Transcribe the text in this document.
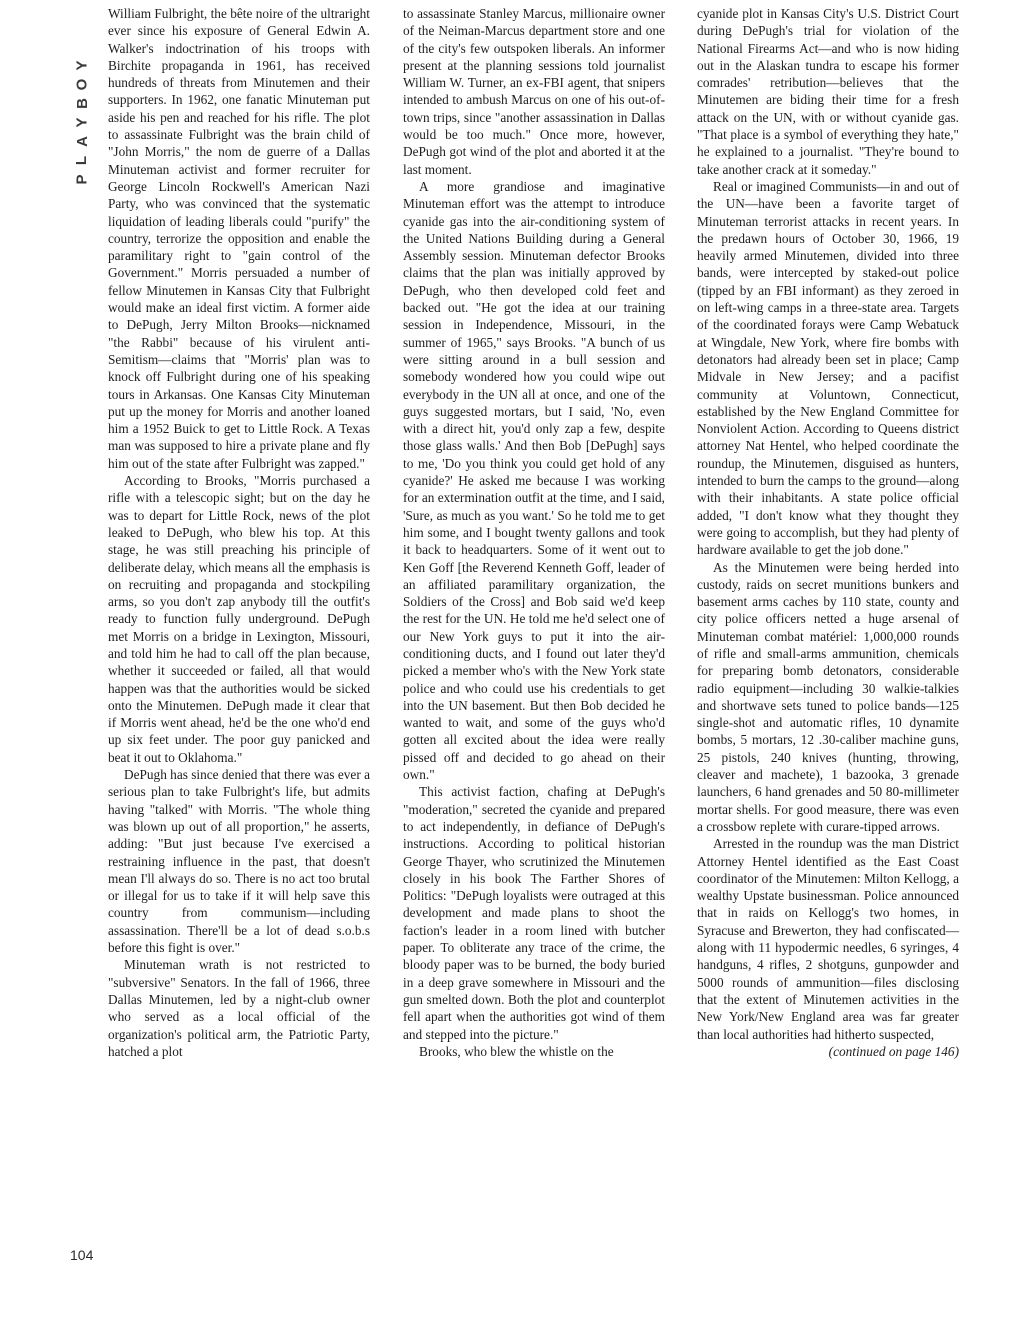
Y
O
B
Y
A
L
P
104

William Fulbright, the bête noire of the ultraright ever since his exposure of General Edwin A. Walker's indoctrination of his troops with Birchite propaganda in 1961, has received hundreds of threats from Minutemen and their supporters. In 1962, one fanatic Minuteman put aside his pen and reached for his rifle. The plot to assassinate Fulbright was the brain child of "John Morris," the nom de guerre of a Dallas Minuteman activist and former recruiter for George Lincoln Rockwell's American Nazi Party, who was convinced that the systematic liquidation of leading liberals could "purify" the country, terrorize the opposition and enable the paramilitary right to "gain control of the Government." Morris persuaded a number of fellow Minutemen in Kansas City that Fulbright would make an ideal first victim. A former aide to DePugh, Jerry Milton Brooks—nicknamed "the Rabbi" because of his virulent anti-Semitism—claims that "Morris' plan was to knock off Fulbright during one of his speaking tours in Arkansas. One Kansas City Minuteman put up the money for Morris and another loaned him a 1952 Buick to get to Little Rock. A Texas man was supposed to hire a private plane and fly him out of the state after Fulbright was zapped."

According to Brooks, "Morris purchased a rifle with a telescopic sight; but on the day he was to depart for Little Rock, news of the plot leaked to DePugh, who blew his top. At this stage, he was still preaching his principle of deliberate delay, which means all the emphasis is on recruiting and propaganda and stockpiling arms, so you don't zap anybody till the outfit's ready to function fully underground. DePugh met Morris on a bridge in Lexington, Missouri, and told him he had to call off the plan because, whether it succeeded or failed, all that would happen was that the authorities would be sicked onto the Minutemen. DePugh made it clear that if Morris went ahead, he'd be the one who'd end up six feet under. The poor guy panicked and beat it out to Oklahoma."

DePugh has since denied that there was ever a serious plan to take Fulbright's life, but admits having "talked" with Morris. "The whole thing was blown up out of all proportion," he asserts, adding: "But just because I've exercised a restraining influence in the past, that doesn't mean I'll always do so. There is no act too brutal or illegal for us to take if it will help save this country from communism—including assassination. There'll be a lot of dead s.o.b.s before this fight is over."

Minuteman wrath is not restricted to "subversive" Senators. In the fall of 1966, three Dallas Minutemen, led by a night-club owner who served as a local official of the organization's political arm, the Patriotic Party, hatched a plot

to assassinate Stanley Marcus, millionaire owner of the Neiman-Marcus department store and one of the city's few outspoken liberals. An informer present at the planning sessions told journalist William W. Turner, an ex-FBI agent, that snipers intended to ambush Marcus on one of his out-of-town trips, since "another assassination in Dallas would be too much." Once more, however, DePugh got wind of the plot and aborted it at the last moment.

A more grandiose and imaginative Minuteman effort was the attempt to introduce cyanide gas into the air-conditioning system of the United Nations Building during a General Assembly session. Minuteman defector Brooks claims that the plan was initially approved by DePugh, who then developed cold feet and backed out. "He got the idea at our training session in Independence, Missouri, in the summer of 1965," says Brooks. "A bunch of us were sitting around in a bull session and somebody wondered how you could wipe out everybody in the UN all at once, and one of the guys suggested mortars, but I said, 'No, even with a direct hit, you'd only zap a few, despite those glass walls.' And then Bob [DePugh] says to me, 'Do you think you could get hold of any cyanide?' He asked me because I was working for an extermination outfit at the time, and I said, 'Sure, as much as you want.' So he told me to get him some, and I bought twenty gallons and took it back to headquarters. Some of it went out to Ken Goff [the Reverend Kenneth Goff, leader of an affiliated paramilitary organization, the Soldiers of the Cross] and Bob said we'd keep the rest for the UN. He told me he'd select one of our New York guys to put it into the air-conditioning ducts, and I found out later they'd picked a member who's with the New York state police and who could use his credentials to get into the UN basement. But then Bob decided he wanted to wait, and some of the guys who'd gotten all excited about the idea were really pissed off and decided to go ahead on their own."

This activist faction, chafing at DePugh's "moderation," secreted the cyanide and prepared to act independently, in defiance of DePugh's instructions. According to political historian George Thayer, who scrutinized the Minutemen closely in his book The Farther Shores of Politics: "DePugh loyalists were outraged at this development and made plans to shoot the faction's leader in a room lined with butcher paper. To obliterate any trace of the crime, the bloody paper was to be burned, the body buried in a deep grave somewhere in Missouri and the gun smelted down. Both the plot and counterplot fell apart when the authorities got wind of them and stepped into the picture."

Brooks, who blew the whistle on the

cyanide plot in Kansas City's U.S. District Court during DePugh's trial for violation of the National Firearms Act—and who is now hiding out in the Alaskan tundra to escape his former comrades' retribution—believes that the Minutemen are biding their time for a fresh attack on the UN, with or without cyanide gas. "That place is a symbol of everything they hate," he explained to a journalist. "They're bound to take another crack at it someday."

Real or imagined Communists—in and out of the UN—have been a favorite target of Minuteman terrorist attacks in recent years. In the predawn hours of October 30, 1966, 19 heavily armed Minutemen, divided into three bands, were intercepted by staked-out police (tipped by an FBI informant) as they zeroed in on left-wing camps in a three-state area. Targets of the coordinated forays were Camp Webatuck at Wingdale, New York, where fire bombs with detonators had already been set in place; Camp Midvale in New Jersey; and a pacifist community at Voluntown, Connecticut, established by the New England Committee for Nonviolent Action. According to Queens district attorney Nat Hentel, who helped coordinate the roundup, the Minutemen, disguised as hunters, intended to burn the camps to the ground—along with their inhabitants. A state police official added, "I don't know what they thought they were going to accomplish, but they had plenty of hardware available to get the job done."

As the Minutemen were being herded into custody, raids on secret munitions bunkers and basement arms caches by 110 state, county and city police officers netted a huge arsenal of Minuteman combat matériel: 1,000,000 rounds of rifle and small-arms ammunition, chemicals for preparing bomb detonators, considerable radio equipment—including 30 walkie-talkies and shortwave sets tuned to police bands—125 single-shot and automatic rifles, 10 dynamite bombs, 5 mortars, 12 .30-caliber machine guns, 25 pistols, 240 knives (hunting, throwing, cleaver and machete), 1 bazooka, 3 grenade launchers, 6 hand grenades and 50 80-millimeter mortar shells. For good measure, there was even a crossbow replete with curare-tipped arrows.

Arrested in the roundup was the man District Attorney Hentel identified as the East Coast coordinator of the Minutemen: Milton Kellogg, a wealthy Upstate businessman. Police announced that in raids on Kellogg's two homes, in Syracuse and Brewerton, they had confiscated—along with 11 hypodermic needles, 6 syringes, 4 handguns, 4 rifles, 2 shotguns, gunpowder and 5000 rounds of ammunition—files disclosing that the extent of Minutemen activities in the New York/New England area was far greater than local authorities had hitherto suspected,

(continued on page 146)
